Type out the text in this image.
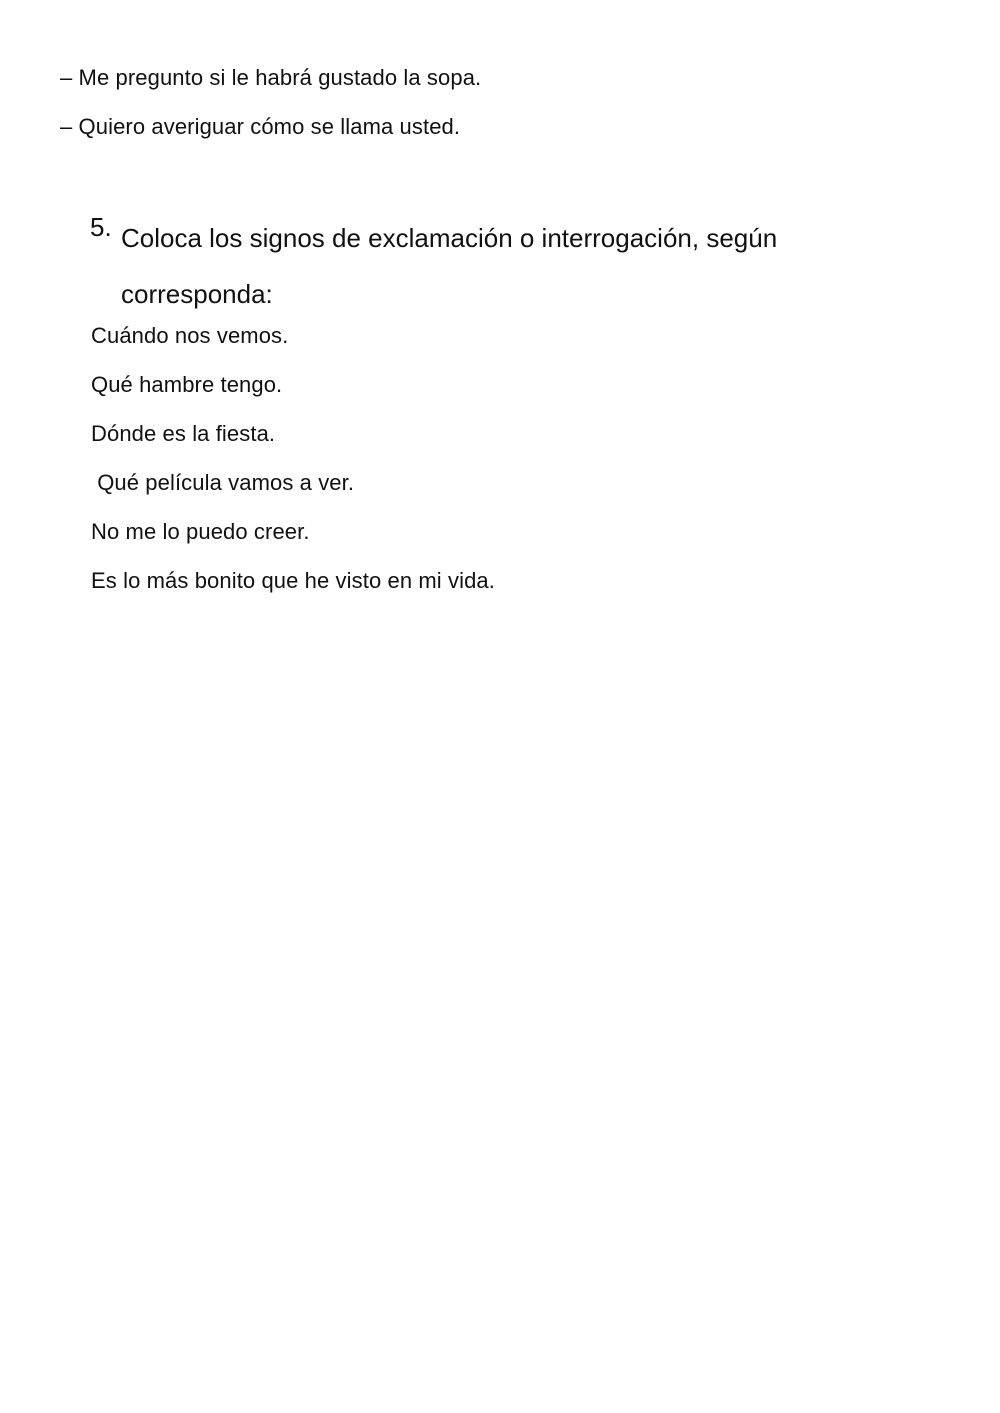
– Me pregunto si le habrá gustado la sopa.
– Quiero averiguar cómo se llama usted.
5. Coloca los signos de exclamación o interrogación, según
corresponda:
Cuándo nos vemos.
Qué hambre tengo.
Dónde es la fiesta.
Qué película vamos a ver.
No me lo puedo creer.
Es lo más bonito que he visto en mi vida.
